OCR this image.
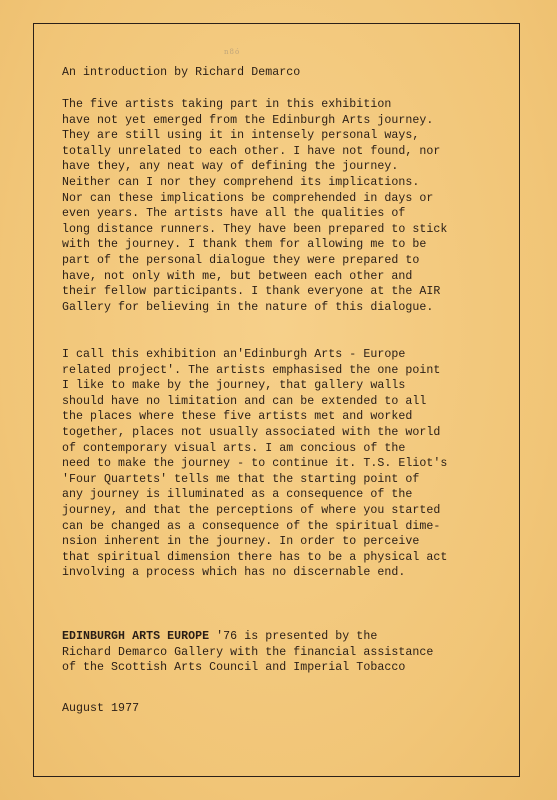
n8ó

An introduction by Richard Demarco

The five artists taking part in this exhibition
have not yet emerged from the Edinburgh Arts journey.
They are still using it in intensely personal ways,
totally unrelated to each other. I have not found, nor
have they, any neat way of defining the journey.
Neither can I nor they comprehend its implications.
Nor can these implications be comprehended in days or
even years. The artists have all the qualities of
long distance runners. They have been prepared to stick
with the journey. I thank them for allowing me to be
part of the personal dialogue they were prepared to
have, not only with me, but between each other and
their fellow participants. I thank everyone at the AIR
Gallery for believing in the nature of this dialogue.

I call this exhibition an'Edinburgh Arts - Europe
related project'. The artists emphasised the one point
I like to make by the journey, that gallery walls
should have no limitation and can be extended to all
the places where these five artists met and worked
together, places not usually associated with the world
of contemporary visual arts. I am concious of the
need to make the journey - to continue it. T.S. Eliot's
'Four Quartets' tells me that the starting point of
any journey is illuminated as a consequence of the
journey, and that the perceptions of where you started
can be changed as a consequence of the spiritual dime-
nsion inherent in the journey. In order to perceive
that spiritual dimension there has to be a physical act
involving a process which has no discernable end.

EDINBURGH ARTS EUROPE '76 is presented by the
Richard Demarco Gallery with the financial assistance
of the Scottish Arts Council and Imperial Tobacco

August 1977
